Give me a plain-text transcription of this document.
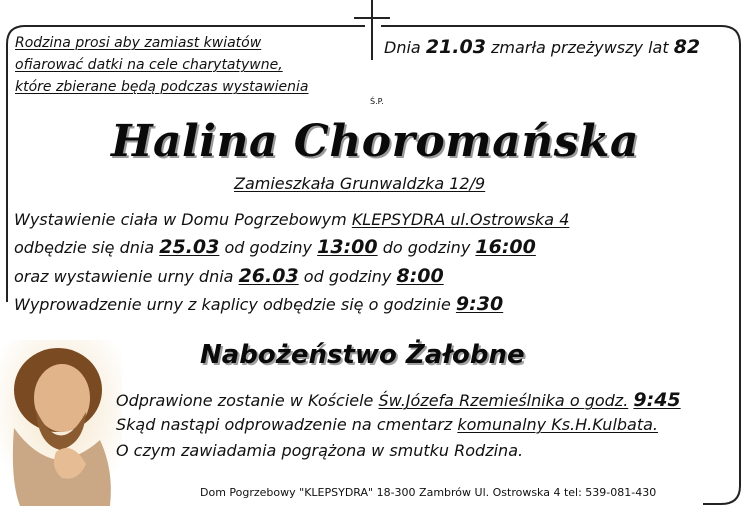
Rodzina prosi aby zamiast kwiatów
ofiarować datki na cele charytatywne,
które zbierane będą podczas wystawienia
Dnia 21.03 zmarła przeżywszy lat 82
Ś.P.
Halina Choromańska
Zamieszkała Grunwaldzka 12/9
Wystawienie ciała w Domu Pogrzebowym KLEPSYDRA ul.Ostrowska 4
odbędzie się dnia 25.03 od godziny 13:00 do godziny 16:00
oraz wystawienie urny dnia 26.03 od godziny 8:00
Wyprowadzenie urny z kaplicy odbędzie się o godzinie 9:30
Nabożeństwo Żałobne
Odprawione zostanie w Kościele Św.Józefa Rzemieślnika o godz. 9:45
Skąd nastąpi odprowadzenie na cmentarz komunalny Ks.H.Kulbata.
O czym zawiadamia pogrążona w smutku Rodzina.
Dom Pogrzebowy "KLEPSYDRA" 18-300 Zambrów Ul. Ostrowska 4 tel: 539-081-430
